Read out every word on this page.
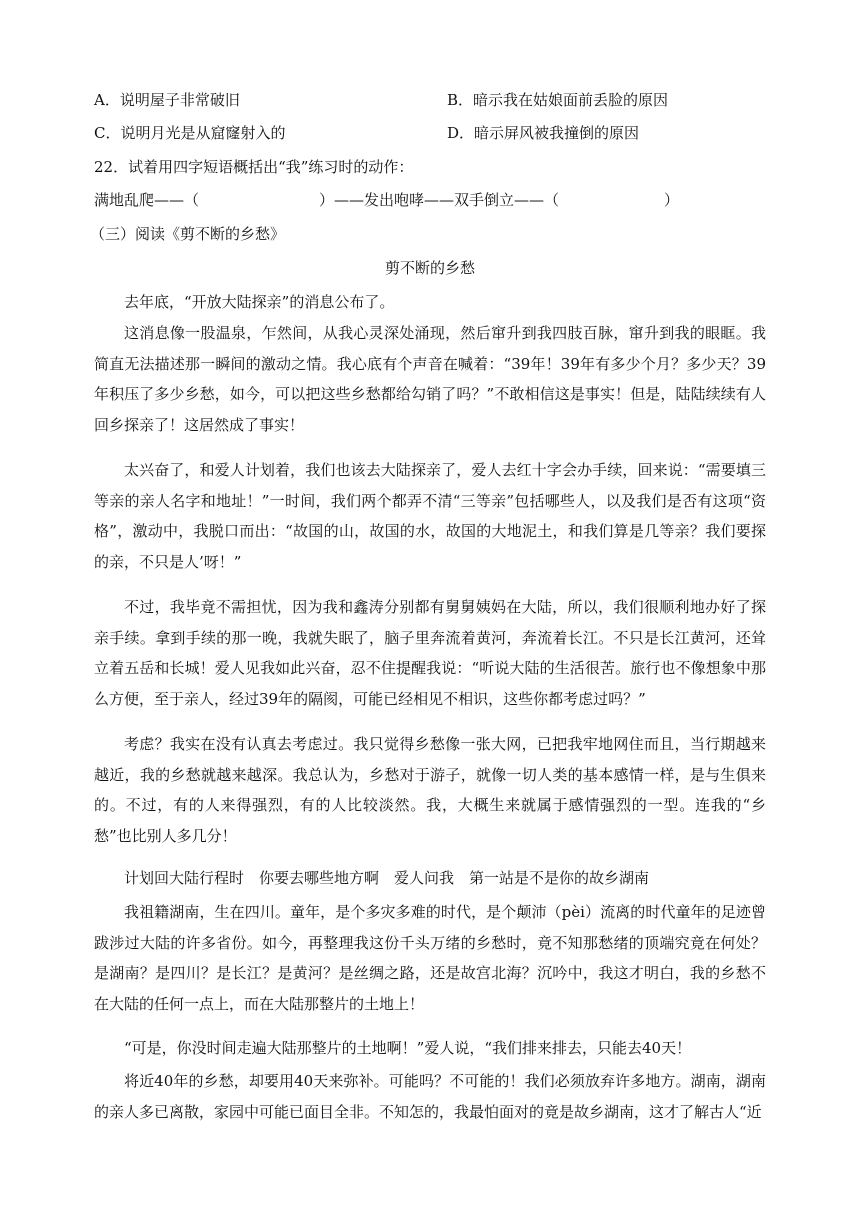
A．说明屋子非常破旧	B．暗示我在姑娘面前丢脸的原因
C．说明月光是从窟窿射入的	D．暗示屏风被我撞倒的原因
22．试着用四字短语概括出“我”练习时的动作：
满地乱爬——（　　　　　　　　）——发出咆哮——双手倒立——（　　　　　　　）
（三）阅读《剪不断的乡愁》
剪不断的乡愁

去年底，“开放大陆探亲”的消息公布了。

这消息像一股温泉，乍然间，从我心灵深处涌现，然后窜升到我四肢百脉，窜升到我的眼眶。我简直无法描述那一瞬间的激动之情。我心底有个声音在喊着：“39年！39年有多少个月？多少天？39年积压了多少乡愁，如今，可以把这些乡愁都给勾销了吗？”不敢相信这是事实！但是，陆陆续续有人回乡探亲了！这居然成了事实！

太兴奋了，和爱人计划着，我们也该去大陆探亲了，爱人去红十字会办手续，回来说：“需要填三等亲的亲人名字和地址！”一时间，我们两个都弄不清“三等亲”包括哪些人，以及我们是否有这项“资格”，激动中，我脱口而出：“故国的山，故国的水，故国的大地泥土，和我们算是几等亲？我们要探的亲，不只是人’呀！”

不过，我毕竟不需担忧，因为我和鑫涛分别都有舅舅姨妈在大陆，所以，我们很顺利地办好了探亲手续。拿到手续的那一晚，我就失眠了，脑子里奔流着黄河，奔流着长江。不只是长江黄河，还耸立着五岳和长城！爱人见我如此兴奋，忍不住提醒我说：“听说大陆的生活很苦。旅行也不像想象中那么方便，至于亲人，经过39年的隔阂，可能已经相见不相识，这些你都考虑过吗？”

考虑？我实在没有认真去考虑过。我只觉得乡愁像一张大网，已把我牢地网住而且，当行期越来越近，我的乡愁就越来越深。我总认为，乡愁对于游子，就像一切人类的基本感情一样，是与生俱来的。不过，有的人来得强烈，有的人比较淡然。我，大概生来就属于感情强烈的一型。连我的“乡愁”也比别人多几分！

计划回大陆行程时　你要去哪些地方啊　爱人问我　第一站是不是你的故乡湖南

我祖籍湖南，生在四川。童年，是个多灾多难的时代，是个颠沛（pèi）流离的时代童年的足迹曾跋涉过大陆的许多省份。如今，再整理我这份千头万绪的乡愁时，竟不知那愁绪的顶端究竟在何处？是湖南？是四川？是长江？是黄河？是丝绸之路，还是故宫北海？沉吟中，我这才明白，我的乡愁不在大陆的任何一点上，而在大陆那整片的土地上！

“可是，你没时间走遍大陆那整片的土地啊！”爱人说，“我们排来排去，只能去40天！

将近40年的乡愁，却要用40天来弥补。可能吗？不可能的！我们必须放弃许多地方。湖南，湖南的亲人多已离散，家园中可能已面目全非。不知怎的，我最怕面对的竟是故乡湖南，这才了解古人“近
